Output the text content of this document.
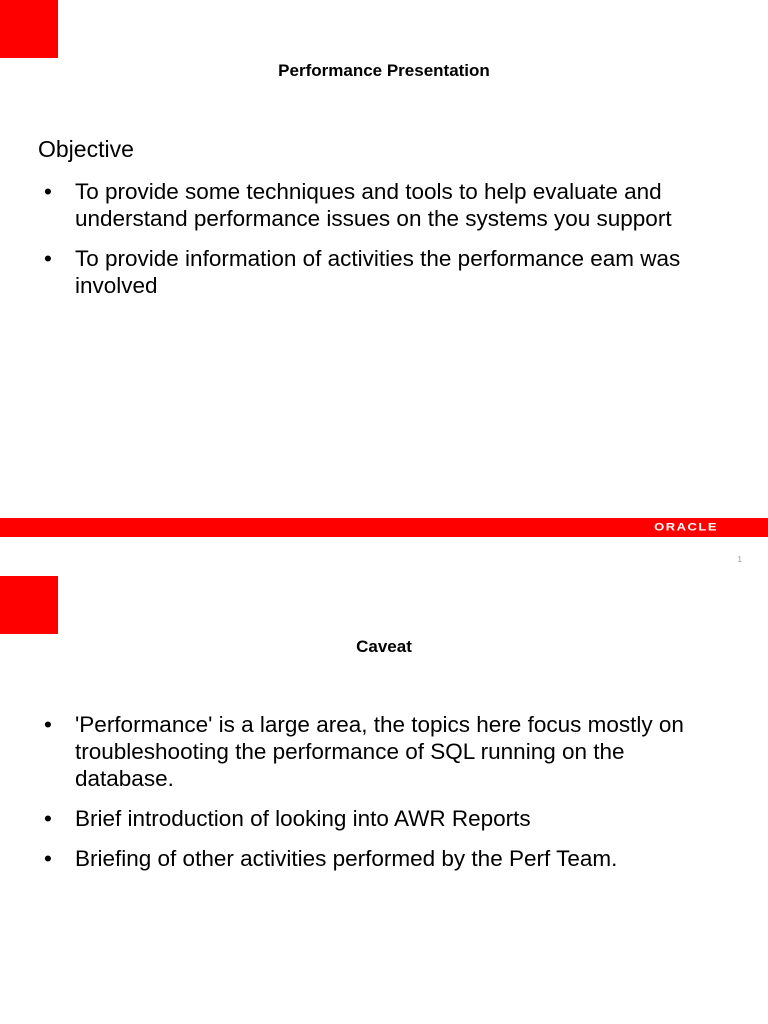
Performance Presentation
Objective
• To provide some techniques and tools to help evaluate and understand performance issues on the systems you support
• To provide information of activities the performance eam was involved
ORACLE
1
Caveat
• 'Performance' is a large area, the topics here focus mostly on troubleshooting the performance of SQL running on the database.
• Brief introduction of looking into AWR Reports
• Briefing of other activities performed by the Perf Team.
